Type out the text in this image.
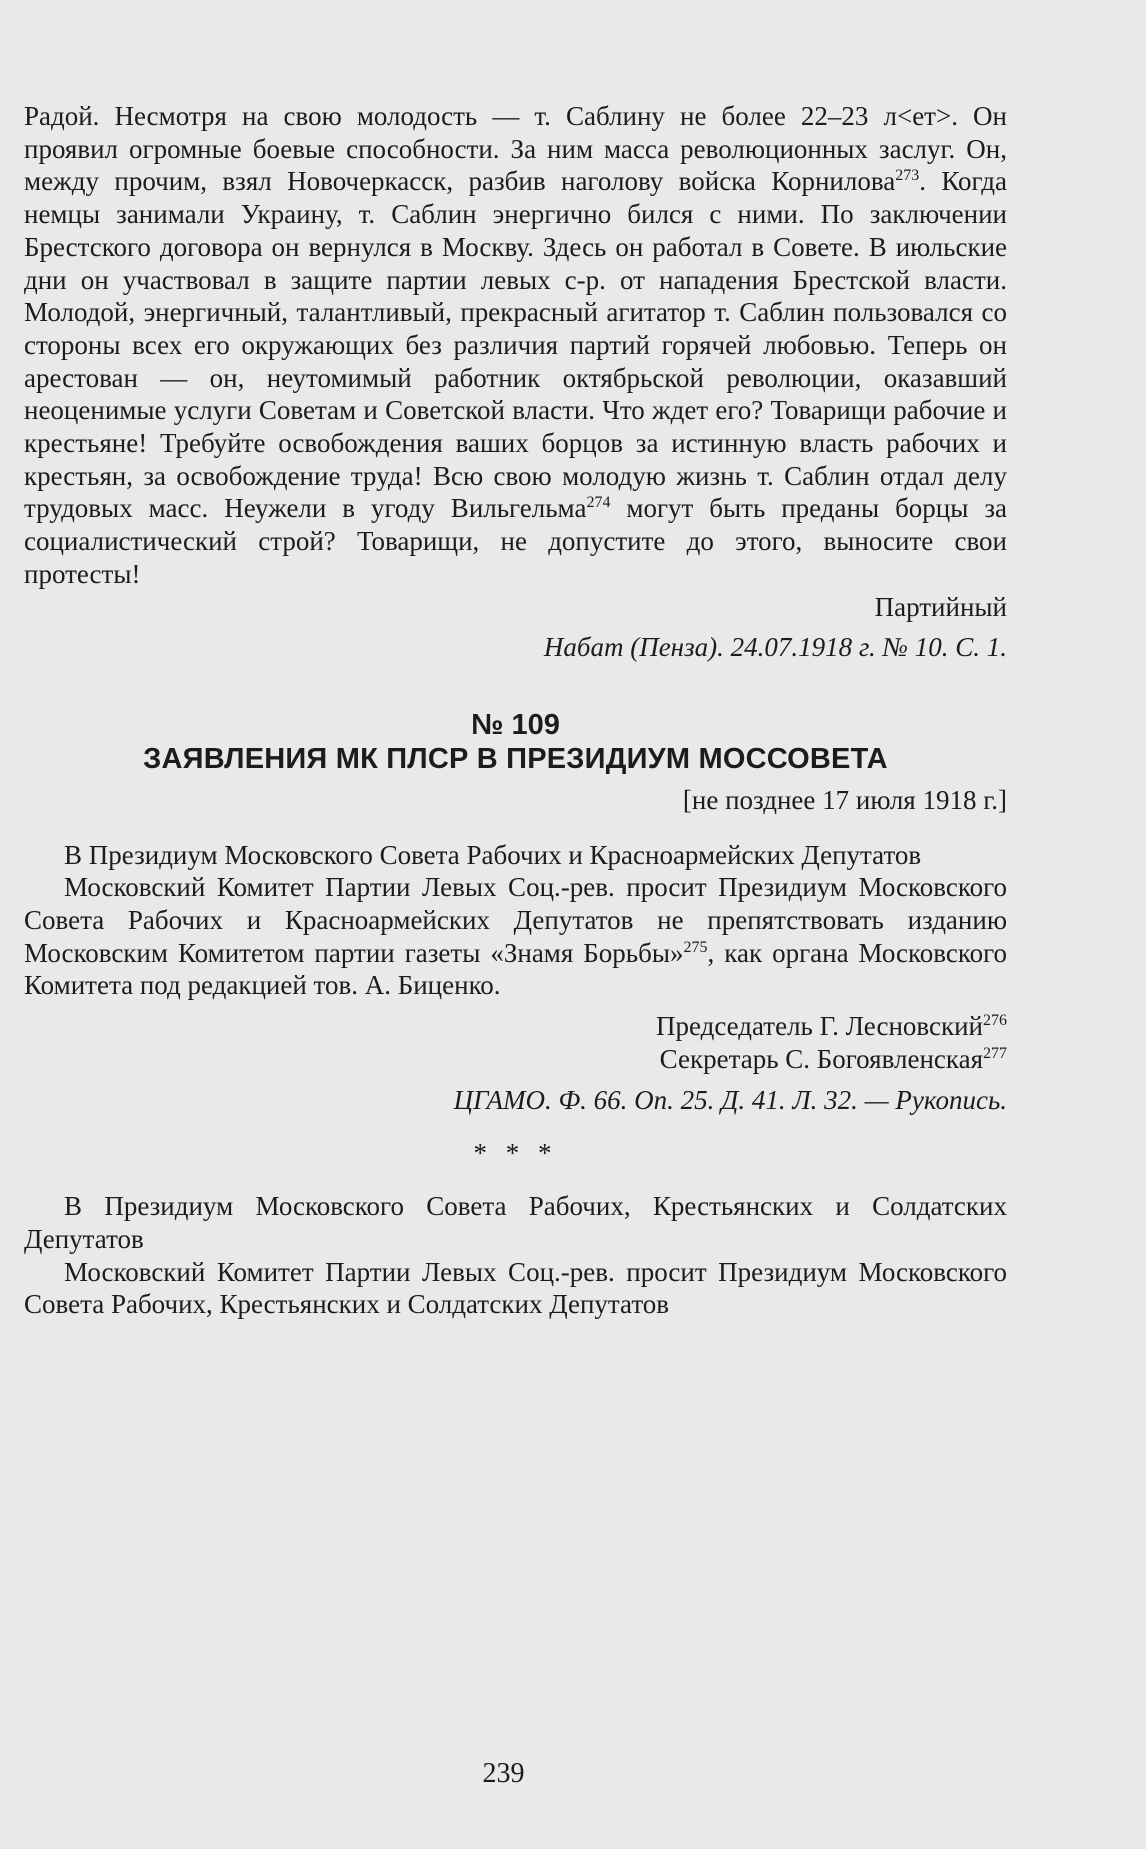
Радой. Несмотря на свою молодость — т. Саблину не более 22–23 л<ет>. Он проявил огромные боевые способности. За ним масса революционных заслуг. Он, между прочим, взял Новочеркасск, разбив наголову войска Корнилова$^{273}$. Когда немцы занимали Украину, т. Саблин энергично бился с ними. По заключении Брестского договора он вернулся в Москву. Здесь он работал в Совете. В июльские дни он участвовал в защите партии левых с-р. от нападения Брестской власти. Молодой, энергичный, талантливый, прекрасный агитатор т. Саблин пользовался со стороны всех его окружающих без различия партий горячей любовью. Теперь он арестован — он, неутомимый работник октябрьской революции, оказавший неоценимые услуги Советам и Советской власти. Что ждет его? Товарищи рабочие и крестьяне! Требуйте освобождения ваших борцов за истинную власть рабочих и крестьян, за освобождение труда! Всю свою молодую жизнь т. Саблин отдал делу трудовых масс. Неужели в угоду Вильгельма$^{274}$ могут быть преданы борцы за социалистический строй? Товарищи, не допустите до этого, выносите свои протесты!

Партийный

Набат (Пенза). 24.07.1918 г. № 10. С. 1.

№ 109

ЗАЯВЛЕНИЯ МК ПЛСР В ПРЕЗИДИУМ МОССОВЕТА

[не позднее 17 июля 1918 г.]

В Президиум Московского Совета Рабочих и Красноармейских Депутатов

Московский Комитет Партии Левых Соц.-рев. просит Президиум Московского Совета Рабочих и Красноармейских Депутатов не препятствовать изданию Московским Комитетом партии газеты «Знамя Борьбы»$^{275}$, как органа Московского Комитета под редакцией тов. А. Биценко.

Председатель Г. Лесновский$^{276}$

Секретарь С. Богоявленская$^{277}$

ЦГАМО. Ф. 66. Оп. 25. Д. 41. Л. 32. — Рукопись.

* * *

В Президиум Московского Совета Рабочих, Крестьянских и Солдатских Депутатов

Московский Комитет Партии Левых Соц.-рев. просит Президиум Московского Совета Рабочих, Крестьянских и Солдатских Депутатов

239
